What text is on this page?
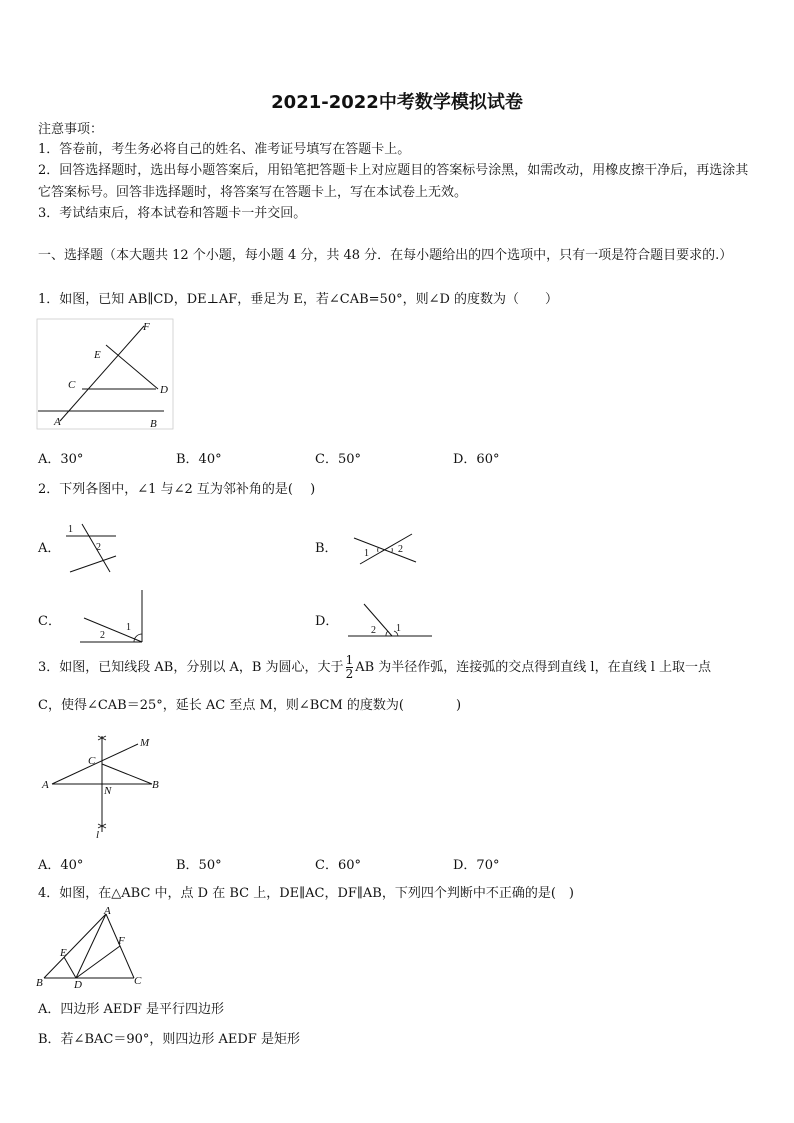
2021-2022中考数学模拟试卷
注意事项：
1．答卷前，考生务必将自己的姓名、准考证号填写在答题卡上。
2．回答选择题时，选出每小题答案后，用铅笔把答题卡上对应题目的答案标号涂黑，如需改动，用橡皮擦干净后，再选涂其它答案标号。回答非选择题时，将答案写在答题卡上，写在本试卷上无效。
3．考试结束后，将本试卷和答题卡一并交回。
一、选择题（本大题共 12 个小题，每小题 4 分，共 48 分．在每小题给出的四个选项中，只有一项是符合题目要求的.）
1．如图，已知 AB∥CD，DE⊥AF，垂足为 E，若∠CAB=50°，则∠D 的度数为（　　）
F
E
C	D
A	B
A．30°	B．40°	C．50°	D．60°
2．下列各图中，∠1 与∠2 互为邻补角的是(　 )
A．
1
2	B．	1	2
C．	1
2
D．
2 1
3．如图，已知线段 AB，分别以 A，B 为圆心，大于 $\frac{1}{2}$ AB 为半径作弧，连接弧的交点得到直线 l，在直线 l 上取一点
C，使得∠CAB＝25°，延长 AC 至点 M，则∠BCM 的度数为(　　　　)
M
C
A	N	B
l
A．40°	B．50°	C．60°	D．70°
4．如图，在△ABC 中，点 D 在 BC 上，DE∥AC，DF∥AB，下列四个判断中不正确的是(　)
A
E
F
B	D	C
A．四边形 AEDF 是平行四边形
B．若∠BAC＝90°，则四边形 AEDF 是矩形
